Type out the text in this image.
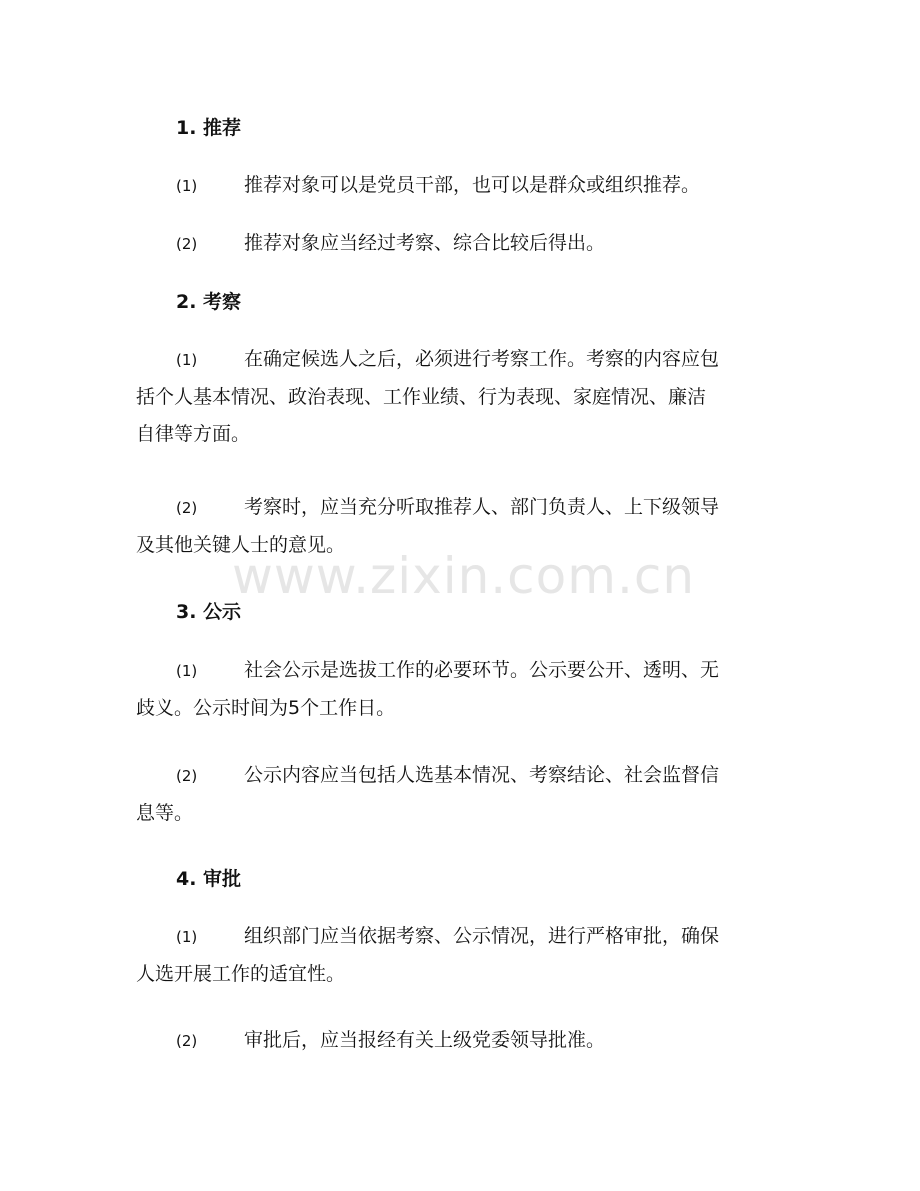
www.zixin.com.cn
1. 推荐
(1) 推荐对象可以是党员干部，也可以是群众或组织推荐。
(2) 推荐对象应当经过考察、综合比较后得出。
2. 考察
(1) 在确定候选人之后，必须进行考察工作。考察的内容应包
括个人基本情况、政治表现、工作业绩、行为表现、家庭情况、廉洁
自律等方面。
(2) 考察时，应当充分听取推荐人、部门负责人、上下级领导
及其他关键人士的意见。
3. 公示
(1) 社会公示是选拔工作的必要环节。公示要公开、透明、无
歧义。公示时间为5个工作日。
(2) 公示内容应当包括人选基本情况、考察结论、社会监督信
息等。
4. 审批
(1) 组织部门应当依据考察、公示情况，进行严格审批，确保
人选开展工作的适宜性。
(2) 审批后，应当报经有关上级党委领导批准。
